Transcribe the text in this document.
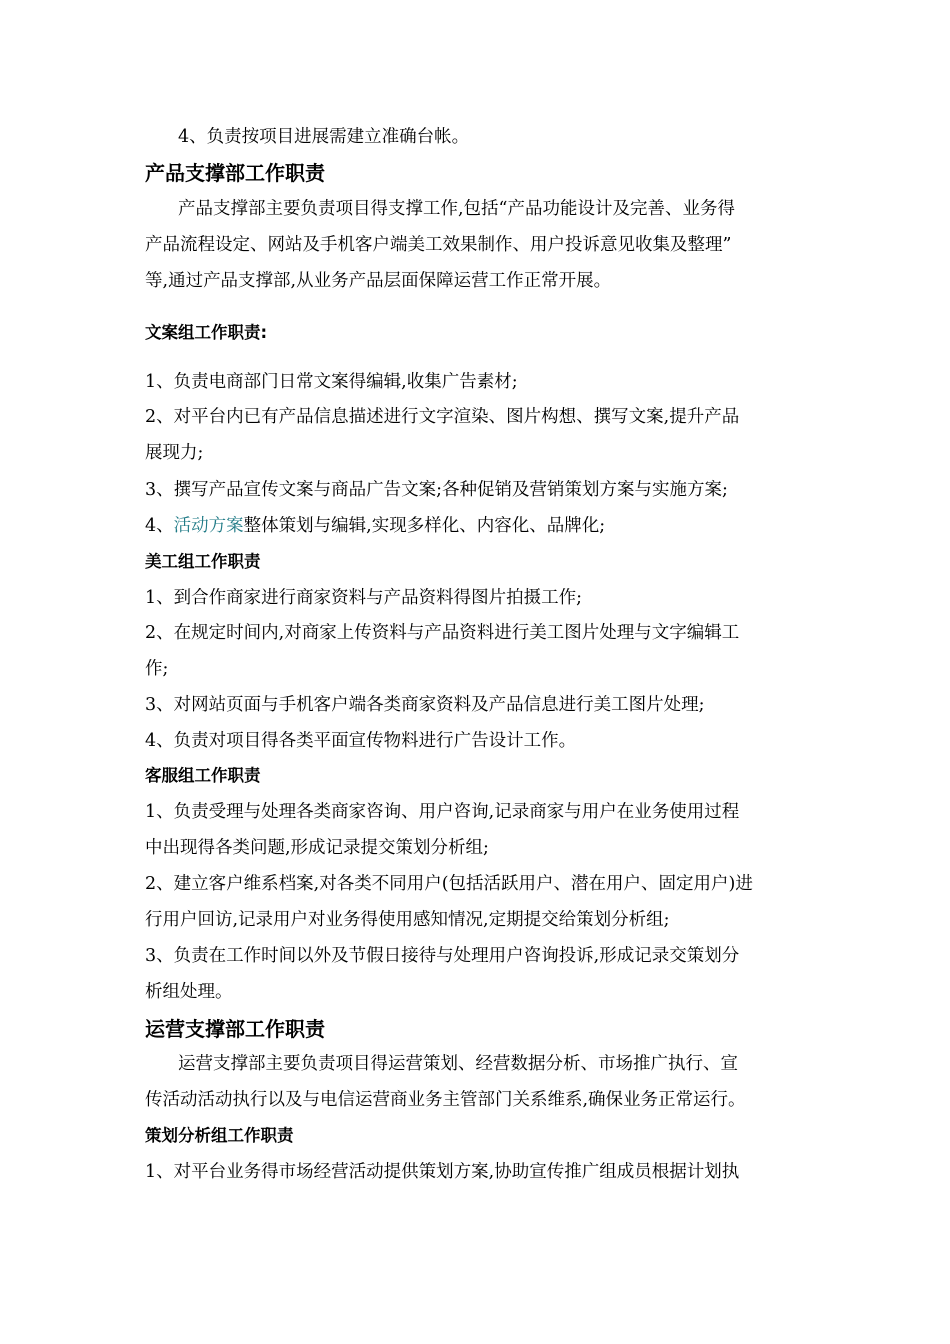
4、负责按项目进展需建立准确台帐。
产品支撑部工作职责
产品支撑部主要负责项目得支撑工作,包括“产品功能设计及完善、业务得
产品流程设定、网站及手机客户端美工效果制作、用户投诉意见收集及整理”
等,通过产品支撑部,从业务产品层面保障运营工作正常开展。
文案组工作职责:
1、负责电商部门日常文案得编辑,收集广告素材;
2、对平台内已有产品信息描述进行文字渲染、图片构想、撰写文案,提升产品
展现力;
3、撰写产品宣传文案与商品广告文案;各种促销及营销策划方案与实施方案;
4、活动方案整体策划与编辑,实现多样化、内容化、品牌化;
美工组工作职责
1、到合作商家进行商家资料与产品资料得图片拍摄工作;
2、在规定时间内,对商家上传资料与产品资料进行美工图片处理与文字编辑工
作;
3、对网站页面与手机客户端各类商家资料及产品信息进行美工图片处理;
4、负责对项目得各类平面宣传物料进行广告设计工作。
客服组工作职责
1、负责受理与处理各类商家咨询、用户咨询,记录商家与用户在业务使用过程
中出现得各类问题,形成记录提交策划分析组;
2、建立客户维系档案,对各类不同用户(包括活跃用户、潜在用户、固定用户)进
行用户回访,记录用户对业务得使用感知情况,定期提交给策划分析组;
3、负责在工作时间以外及节假日接待与处理用户咨询投诉,形成记录交策划分
析组处理。
运营支撑部工作职责
运营支撑部主要负责项目得运营策划、经营数据分析、市场推广执行、宣
传活动活动执行以及与电信运营商业务主管部门关系维系,确保业务正常运行。
策划分析组工作职责
1、对平台业务得市场经营活动提供策划方案,协助宣传推广组成员根据计划执
